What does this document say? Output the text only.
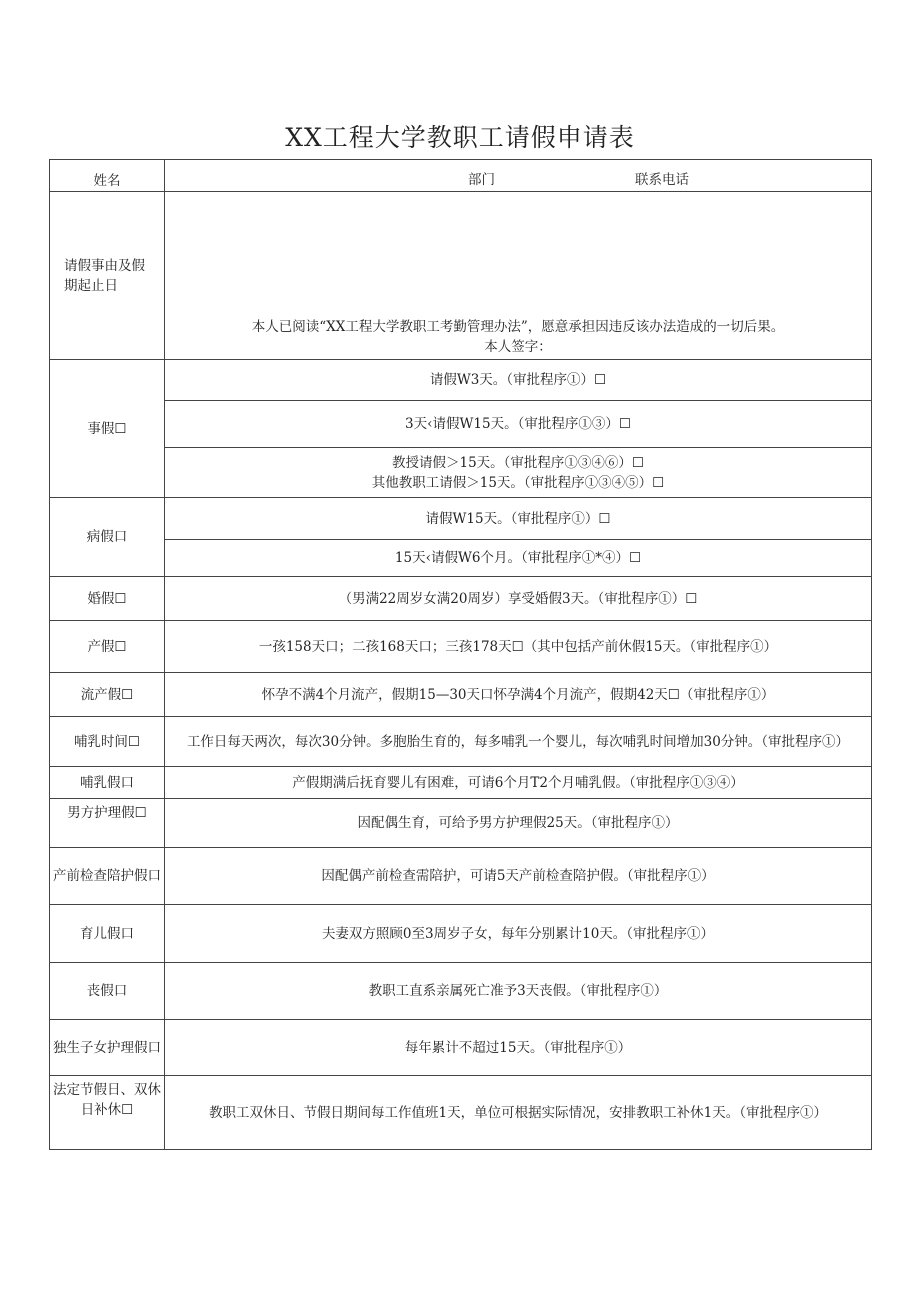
XX工程大学教职工请假申请表
姓名	部门 联系电话

请假事由及假期起止日	本人已阅读“XX工程大学教职工考勤管理办法”，愿意承担因违反该办法造成的一切后果。
本人签字：

事假☐	请假W3天。（审批程序①）☐
	3天‹请假W15天。（审批程序①③）☐

	教授请假＞15天。（审批程序①③④⑥）☐
其他教职工请假＞15天。（审批程序①③④⑤）☐

病假口	请假W15天。（审批程序①）☐
	15天‹请假W6个月。（审批程序①*④）☐
婚假☐	（男满22周岁女满20周岁）享受婚假3天。（审批程序①）☐
产假☐	一孩158天口；二孩168天口；三孩178天☐（其中包括产前休假15天。（审批程序①）
流产假☐	怀孕不满4个月流产，假期15—30天口怀孕满4个月流产，假期42天☐（审批程序①）
哺乳时间☐	工作日每天两次，每次30分钟。多胞胎生育的，每多哺乳一个婴儿，每次哺乳时间增加30分钟。（审批程序①）
哺乳假口	产假期满后抚育婴儿有困难，可请6个月T2个月哺乳假。（审批程序①③④）
男方护理假☐	因配偶生育，可给予男方护理假25天。（审批程序①）
产前检查陪护假口	因配偶产前检查需陪护，可请5天产前检查陪护假。（审批程序①）
育儿假口	夫妻双方照顾0至3周岁子女，每年分别累计10天。（审批程序①）
丧假口	教职工直系亲属死亡准予3天丧假。（审批程序①）
独生子女护理假口	每年累计不超过15天。（审批程序①）
法定节假日、双休日补休☐	教职工双休日、节假日期间每工作值班1天，单位可根据实际情况，安排教职工补休1天。（审批程序①）
